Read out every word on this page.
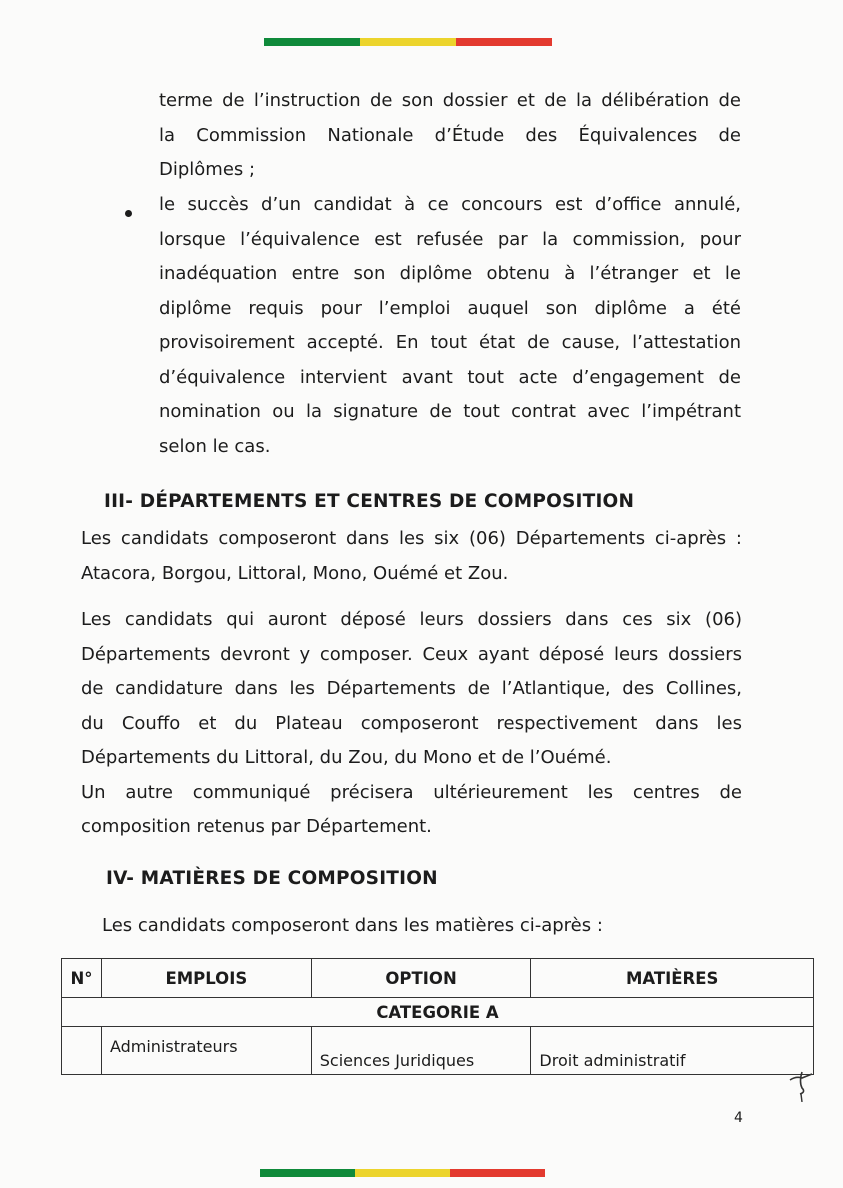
terme de l’instruction de son dossier et de la délibération de
la Commission Nationale d’Étude des Équivalences de
Diplômes ;
le succès d’un candidat à ce concours est d’office annulé,
lorsque l’équivalence est refusée par la commission, pour
inadéquation entre son diplôme obtenu à l’étranger et le
diplôme requis pour l’emploi auquel son diplôme a été
provisoirement accepté. En tout état de cause, l’attestation
d’équivalence intervient avant tout acte d’engagement de
nomination ou la signature de tout contrat avec l’impétrant
selon le cas.
III- DÉPARTEMENTS ET CENTRES DE COMPOSITION
Les candidats composeront dans les six (06) Départements ci-après :
Atacora, Borgou, Littoral, Mono, Ouémé et Zou.
Les candidats qui auront déposé leurs dossiers dans ces six (06)
Départements devront y composer. Ceux ayant déposé leurs dossiers
de candidature dans les Départements de l’Atlantique, des Collines,
du Couffo et du Plateau composeront respectivement dans les
Départements du Littoral, du Zou, du Mono et de l’Ouémé.
Un autre communiqué précisera ultérieurement les centres de
composition retenus par Département.
IV- MATIÈRES DE COMPOSITION
Les candidats composeront dans les matières ci-après :
N°	EMPLOIS	OPTION	MATIÈRES
CATEGORIE A			
	Administrateurs	Sciences Juridiques	Droit administratif
4
